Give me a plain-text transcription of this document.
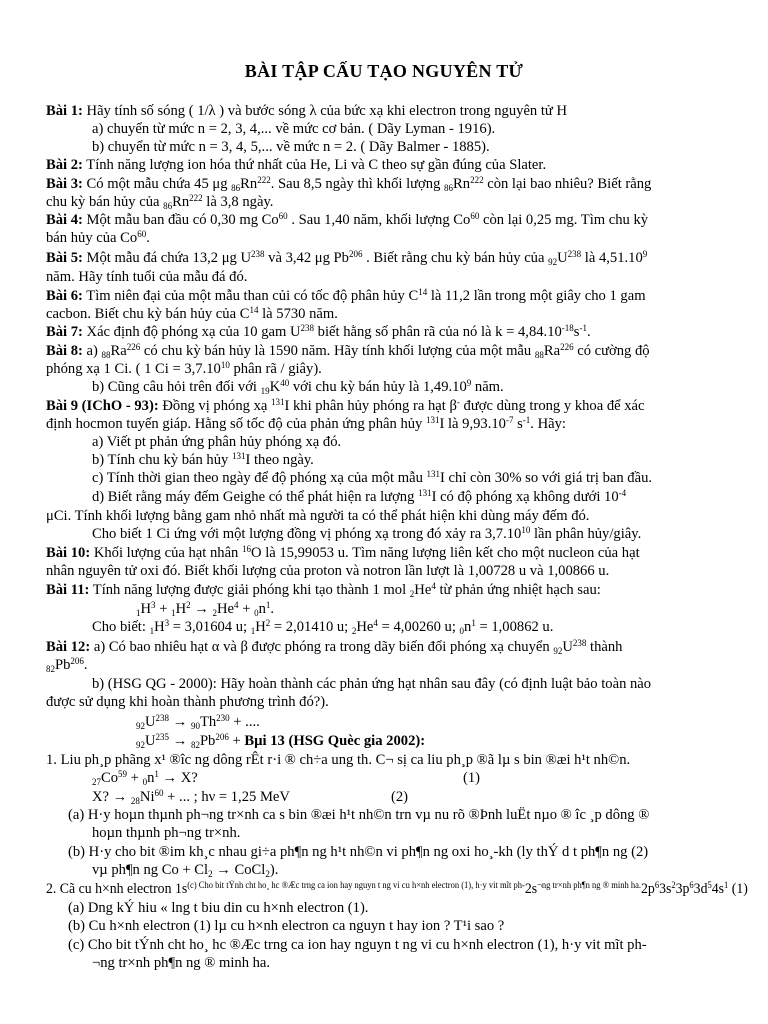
BÀI TẬP CẤU TẠO NGUYÊN TỬ
Bài 1: Hãy tính số sóng ( 1/λ ) và bước sóng λ của bức xạ khi electron trong nguyên tử H
a) chuyển từ mức n = 2, 3, 4,... về mức cơ bản. ( Dãy Lyman - 1916).
b) chuyển từ mức n = 3, 4, 5,... về mức n = 2. ( Dãy Balmer - 1885).
Bài 2: Tính năng lượng ion hóa thứ nhất của He, Li và C theo sự gần đúng của Slater.
Bài 3: Có một mẫu chứa 45 μg $_{86}Rn^{222}$. Sau 8,5 ngày thì khối lượng $_{86}Rn^{222}$ còn lại bao nhiêu? Biết rằng
chu kỳ bán hủy của $_{86}Rn^{222}$ là 3,8 ngày.
Bài 4: Một mẫu ban đầu có 0,30 mg Co$^{60}$ . Sau 1,40 năm, khối lượng Co$^{60}$ còn lại 0,25 mg. Tìm chu kỳ
bán hủy của Co$^{60}$.
Bài 5: Một mẫu đá chứa 13,2 μg $U^{238}$ và 3,42 μg Pb$^{206}$ . Biết rằng chu kỳ bán hủy của $_{92}U^{238}$ là 4,51.10$^9$
năm. Hãy tính tuổi của mẫu đá đó.
Bài 6: Tìm niên đại của một mẫu than củi có tốc độ phân hủy $C^{14}$ là 11,2 lần trong một giây cho 1 gam
cacbon. Biết chu kỳ bán hủy của $C^{14}$ là 5730 năm.
Bài 7: Xác định độ phóng xạ của 10 gam $U^{238}$ biết hằng số phân rã của nó là $k = 4,84.10^{-18}s^{-1}$.
Bài 8: a) $_{88}Ra^{226}$ có chu kỳ bán hủy là 1590 năm. Hãy tính khối lượng của một mẫu $_{88}Ra^{226}$ có cường độ
phóng xạ 1 Ci. ( 1 $Ci = 3,7.10^{10}$ phân rã / giây).
b) Cũng câu hỏi trên đối với $_{19}K^{40}$ với chu kỳ bán hủy là 1,49.10$^9$ năm.
Bài 9 (IChO - 93): Đồng vị phóng xạ $^{131}$I khi phân hủy phóng ra hạt β- được dùng trong y khoa để xác
định hocmon tuyến giáp. Hằng số tốc độ của phản ứng phân hủy $^{131}$I là $9,93.10^{-7}$ $s^{-1}$. Hãy:
a) Viết pt phản ứng phân hủy phóng xạ đó.
b) Tính chu kỳ bán hủy $^{131}$I theo ngày.
c) Tính thời gian theo ngày để độ phóng xạ của một mẫu $^{131}$I chỉ còn 30% so với giá trị ban đầu.
d) Biết rằng máy đếm Geighe có thể phát hiện ra lượng $^{131}$I có độ phóng xạ không dưới $10^{-4}$
μCi. Tính khối lượng bằng gam nhỏ nhất mà người ta có thể phát hiện khi dùng máy đếm đó.
Cho biết 1 Ci ứng với một lượng đồng vị phóng xạ trong đó xảy ra 3,7.10$^{10}$ lần phân hủy/giây.
Bài 10: Khối lượng của hạt nhân $^{16}$O là 15,99053 u. Tìm năng lượng liên kết cho một nucleon của hạt
nhân nguyên tử oxi đó. Biết khối lượng của proton và notron lần lượt là 1,00728 u và 1,00866 u.
Bài 11: Tính năng lượng được giải phóng khi tạo thành 1 mol $_2He^4$ từ phản ứng nhiệt hạch sau:
$_1H^3 + _1H^2 \to _2He^4 + _0n^1$.
Cho biết: $_1H^3 = 3,01604$ u; $_1H^2 = 2,01410$ u; $_2He^4 = 4,00260$ u; $_0n^1 = 1,00862$ u.
Bài 12: a) Có bao nhiêu hạt α và β được phóng ra trong dãy biến đổi phóng xạ chuyển $_{92}U^{238}$ thành
$_{82}Pb^{206}$.
b) (HSG QG - 2000): Hãy hoàn thành các phản ứng hạt nhân sau đây (có định luật bảo toàn nào
được sử dụng khi hoàn thành phương trình đó?).
$_{92}U^{238} \to _{90}Th^{230}$ + ....
$_{92}U^{235} \to _{82}Pb^{206} + B\mu i$ 13 (HSG Quèc gia 2002):
1. Liu ph¸p phãng x¹ ®îc ng dông rÊt r·i ® ch÷a ung th. C¬ sị ca liu ph¸p ®ã lµ s bin ®æi h¹t nh©n.
$_{27}Co^{59} + _0n^1 \to X$?	(1)
X? → $_{28}Ni^{60}$ + ... ; hν = 1,25 MeV	(2)
(a) H·y hoµn thµnh ph¬ng tr×nh ca s bin ®æi h¹t nh©n trn vµ nu rõ ®Þnh luËt nµo ® îc ¸p dông ®
hoµn thµnh ph¬ng tr×nh.
(b) H·y cho bit ®im kh¸c nhau gi÷a ph¶n ng h¹t nh©n vi ph¶n ng oxi ho¸-kh (ly thÝ d t ph¶n ng (2)
vµ ph¶n ng $Co + Cl_2$ → CoCl$_2$).
2. Cã cu h×nh electron $1s^{(c) Cho bit tÝnh cht ho¸ hc ®Æc trng ca ion hay nguyn t ng vi cu h\times nh electron (1), h\cdot y vit mĩt ph-}2s^{\neg ng tr\times nh ph\P n ng ® minh ha.}2p^63s^23p^63d^54s^1$ (1)
(a) Dng kÝ hiu « lng t biu din cu h×nh electron (1).
(b) Cu h×nh electron (1) lµ cu h×nh electron ca nguyn t hay ion ? T¹i sao ?
(c) Cho bit tÝnh cht ho¸ hc ®Æc trng ca ion hay nguyn t ng vi cu h×nh electron (1), h·y vit mĩt ph-
¬ng tr×nh ph¶n ng ® minh ha.
